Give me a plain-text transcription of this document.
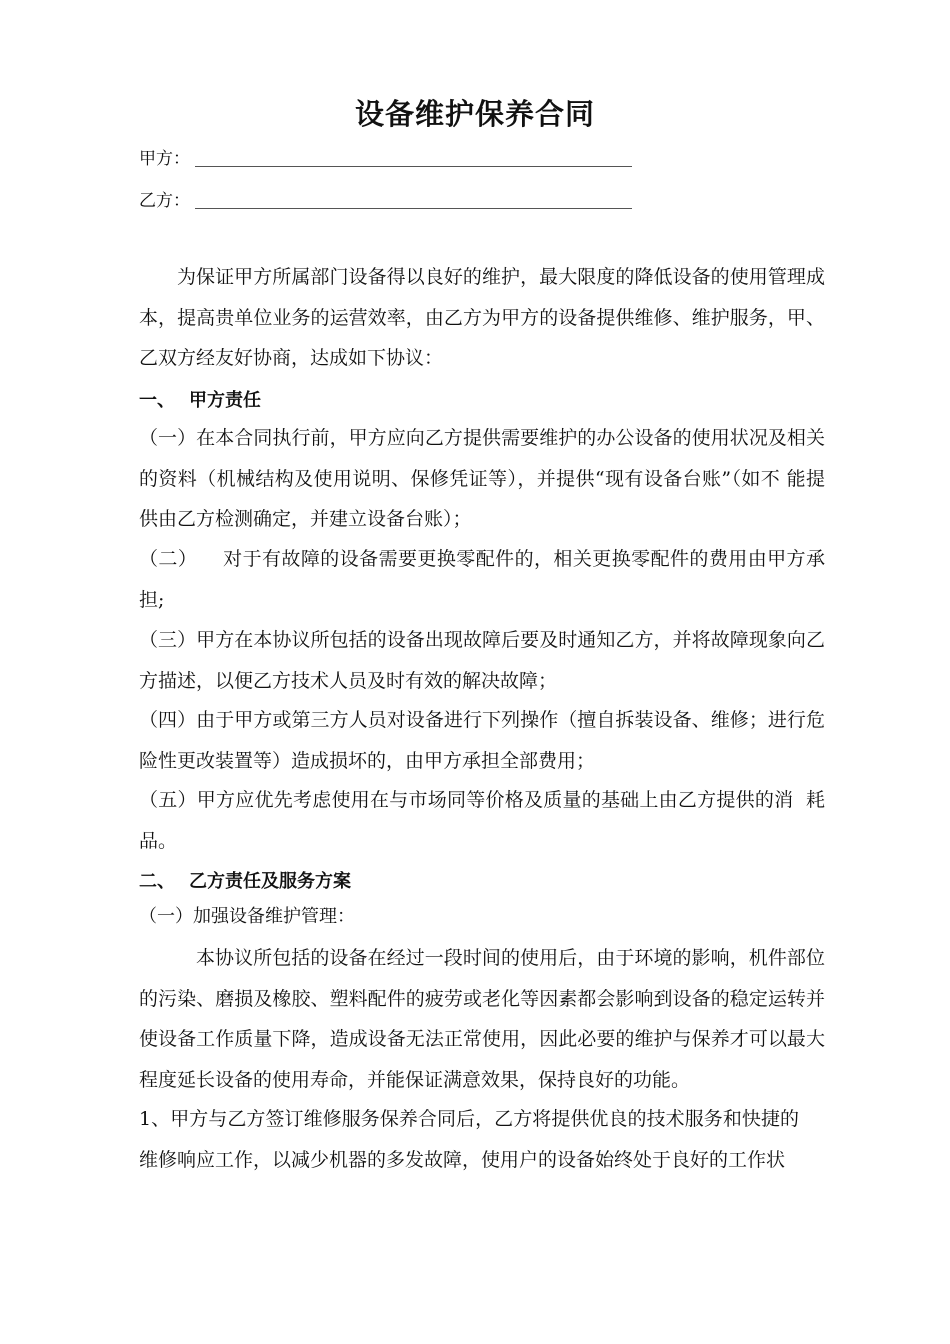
设备维护保养合同
甲方：
乙方：
为保证甲方所属部门设备得以良好的维护，最大限度的降低设备的使用管理成本，提高贵单位业务的运营效率，由乙方为甲方的设备提供维修、维护服务，甲、乙双方经友好协商，达成如下协议：
一、 甲方责任
（一）在本合同执行前，甲方应向乙方提供需要维护的办公设备的使用状况及相关的资料（机械结构及使用说明、保修凭证等），并提供“现有设备台账”（如不 能提供由乙方检测确定，并建立设备台账）；
（二）    对于有故障的设备需要更换零配件的，相关更换零配件的费用由甲方承担;
（三）甲方在本协议所包括的设备出现故障后要及时通知乙方，并将故障现象向乙方描述，以便乙方技术人员及时有效的解决故障；
（四）由于甲方或第三方人员对设备进行下列操作（擅自拆装设备、维修；进行危险性更改装置等）造成损坏的，由甲方承担全部费用；
（五）甲方应优先考虑使用在与市场同等价格及质量的基础上由乙方提供的消  耗品。
二、 乙方责任及服务方案
（一）加强设备维护管理：
本协议所包括的设备在经过一段时间的使用后，由于环境的影响，机件部位的污染、磨损及橡胶、塑料配件的疲劳或老化等因素都会影响到设备的稳定运转并使设备工作质量下降，造成设备无法正常使用，因此必要的维护与保养才可以最大程度延长设备的使用寿命，并能保证满意效果，保持良好的功能。
1、甲方与乙方签订维修服务保养合同后，乙方将提供优良的技术服务和快捷的维修响应工作，以减少机器的多发故障，使用户的设备始终处于良好的工作状
